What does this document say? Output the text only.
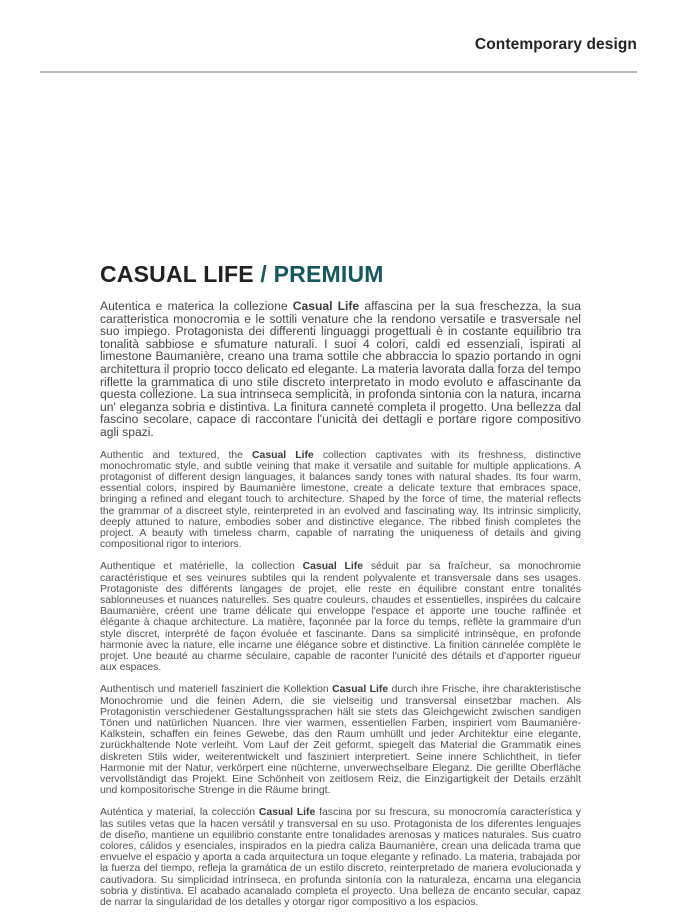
Contemporary design
CASUAL LIFE / PREMIUM

Autentica e materica la collezione Casual Life affascina per la sua freschezza, la sua caratteristica monocromia e le sottili venature che la rendono versatile e trasversale nel suo impiego. Protagonista dei differenti linguaggi progettuali è in costante equilibrio tra tonalità sabbiose e sfumature naturali. I suoi 4 colori, caldi ed essenziali, ispirati al limestone Baumanière, creano una trama sottile che abbraccia lo spazio portando in ogni architettura il proprio tocco delicato ed elegante. La materia lavorata dalla forza del tempo riflette la grammatica di uno stile discreto interpretato in modo evoluto e affascinante da questa collezione. La sua intrinseca semplicità, in profonda sintonia con la natura, incarna un' eleganza sobria e distintiva. La finitura canneté completa il progetto. Una bellezza dal fascino secolare, capace di raccontare l'unicità dei dettagli e portare rigore compositivo agli spazi.

Authentic and textured, the Casual Life collection captivates with its freshness, distinctive monochromatic style, and subtle veining that make it versatile and suitable for multiple applications. A protagonist of different design languages, it balances sandy tones with natural shades. Its four warm, essential colors, inspired by Baumanière limestone, create a delicate texture that embraces space, bringing a refined and elegant touch to architecture. Shaped by the force of time, the material reflects the grammar of a discreet style, reinterpreted in an evolved and fascinating way. Its intrinsic simplicity, deeply attuned to nature, embodies sober and distinctive elegance. The ribbed finish completes the project. A beauty with timeless charm, capable of narrating the uniqueness of details and giving compositional rigor to interiors.

Authentique et matérielle, la collection Casual Life séduit par sa fraîcheur, sa monochromie caractéristique et ses veinures subtiles qui la rendent polyvalente et transversale dans ses usages. Protagoniste des différents langages de projet, elle reste en équilibre constant entre tonalités sablonneuses et nuances naturelles. Ses quatre couleurs, chaudes et essentielles, inspirées du calcaire Baumanière, créent une trame délicate qui enveloppe l'espace et apporte une touche raffinée et élégante à chaque architecture. La matière, façonnée par la force du temps, reflète la grammaire d'un style discret, interprété de façon évoluée et fascinante. Dans sa simplicité intrinsèque, en profonde harmonie avec la nature, elle incarne une élégance sobre et distinctive. La finition cannelée complète le projet. Une beauté au charme séculaire, capable de raconter l'unicité des détails et d'apporter rigueur aux espaces.

Authentisch und materiell fasziniert die Kollektion Casual Life durch ihre Frische, ihre charakteristische Monochromie und die feinen Adern, die sie vielseitig und transversal einsetzbar machen. Als Protagonistin verschiedener Gestaltungssprachen hält sie stets das Gleichgewicht zwischen sandigen Tönen und natürlichen Nuancen. Ihre vier warmen, essentiellen Farben, inspiriert vom Baumanière-Kalkstein, schaffen ein feines Gewebe, das den Raum umhüllt und jeder Architektur eine elegante, zurückhaltende Note verleiht. Vom Lauf der Zeit geformt, spiegelt das Material die Grammatik eines diskreten Stils wider, weiterentwickelt und fasziniert interpretiert. Seine innere Schlichtheit, in tiefer Harmonie mit der Natur, verkörpert eine nüchterne, unverwechselbare Eleganz. Die gerillte Oberfläche vervollständigt das Projekt. Eine Schönheit von zeitlosem Reiz, die Einzigartigkeit der Details erzählt und kompositorische Strenge in die Räume bringt.

Auténtica y material, la colección Casual Life fascina por su frescura, su monocromía característica y las sutiles vetas que la hacen versátil y transversal en su uso. Protagonista de los diferentes lenguajes de diseño, mantiene un equilibrio constante entre tonalidades arenosas y matices naturales. Sus cuatro colores, cálidos y esenciales, inspirados en la piedra caliza Baumanière, crean una delicada trama que envuelve el espacio y aporta a cada arquitectura un toque elegante y refinado. La materia, trabajada por la fuerza del tiempo, refleja la gramática de un estilo discreto, reinterpretado de manera evolucionada y cautivadora. Su simplicidad intrínseca, en profunda sintonía con la naturaleza, encarna una elegancia sobria y distintiva. El acabado acanalado completa el proyecto. Una belleza de encanto secular, capaz de narrar la singularidad de los detalles y otorgar rigor compositivo a los espacios.
